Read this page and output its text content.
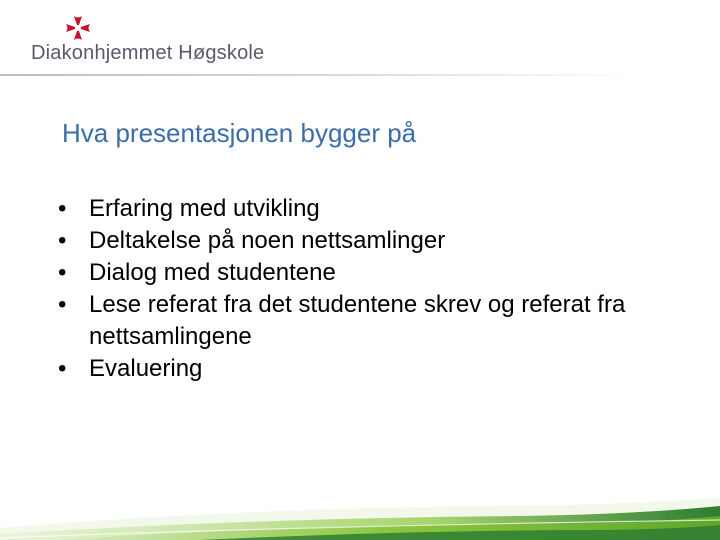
Diakonhjemmet Høgskole
Hva presentasjonen bygger på
• Erfaring med utvikling
• Deltakelse på noen nettsamlinger
• Dialog med studentene
• Lese referat fra det studentene skrev og referat fra nettsamlingene
• Evaluering
